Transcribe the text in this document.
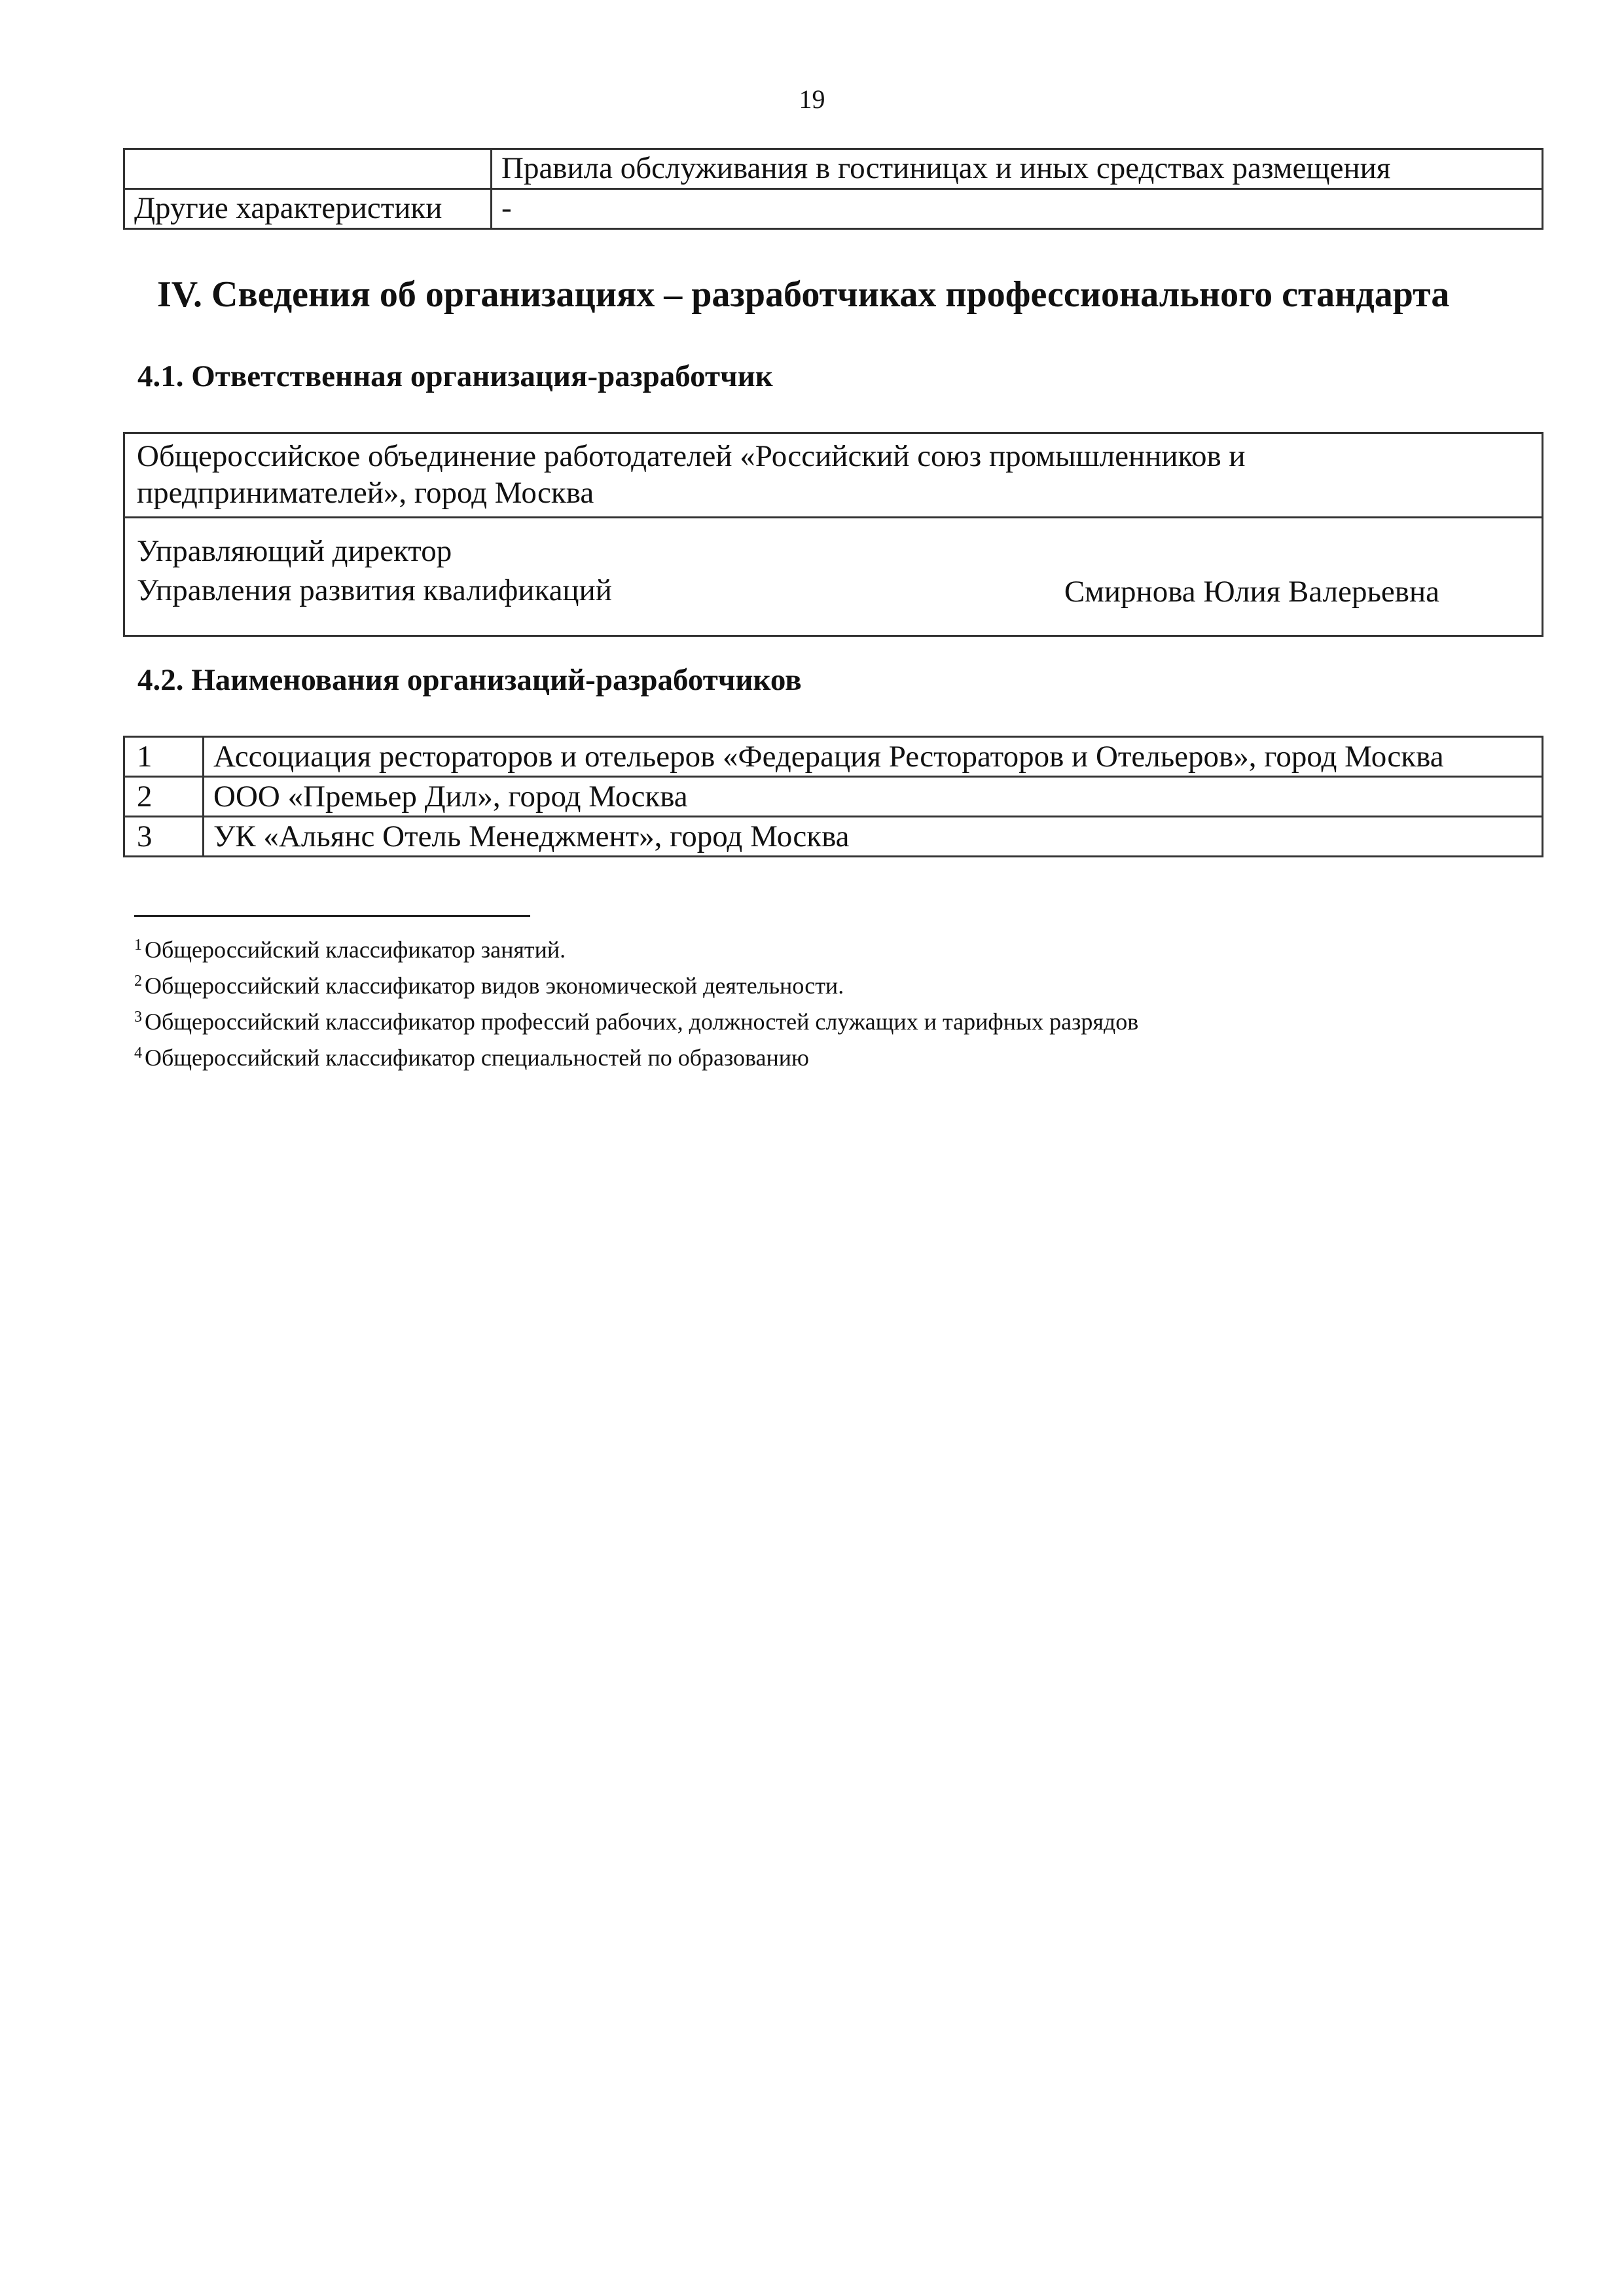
19
	Правила обслуживания в гостиницах и иных средствах размещения
Другие характеристики	-
IV. Сведения об организациях – разработчиках профессионального стандарта
4.1. Ответственная организация-разработчик
Общероссийское объединение работодателей «Российский союз промышленников и
предпринимателей», город Москва

Управляющий директор
Управления развития квалификаций	Смирнова Юлия Валерьевна
4.2. Наименования организаций-разработчиков
1	Ассоциация рестораторов и отельеров «Федерация Рестораторов и Отельеров», город Москва
2	ООО «Премьер Дил», город Москва
3	УК «Альянс Отель Менеджмент», город Москва
$^1$ Общероссийский классификатор занятий.
$^2$ Общероссийский классификатор видов экономической деятельности.
$^3$ Общероссийский классификатор профессий рабочих, должностей служащих и тарифных разрядов
$^4$ Общероссийский классификатор специальностей по образованию
